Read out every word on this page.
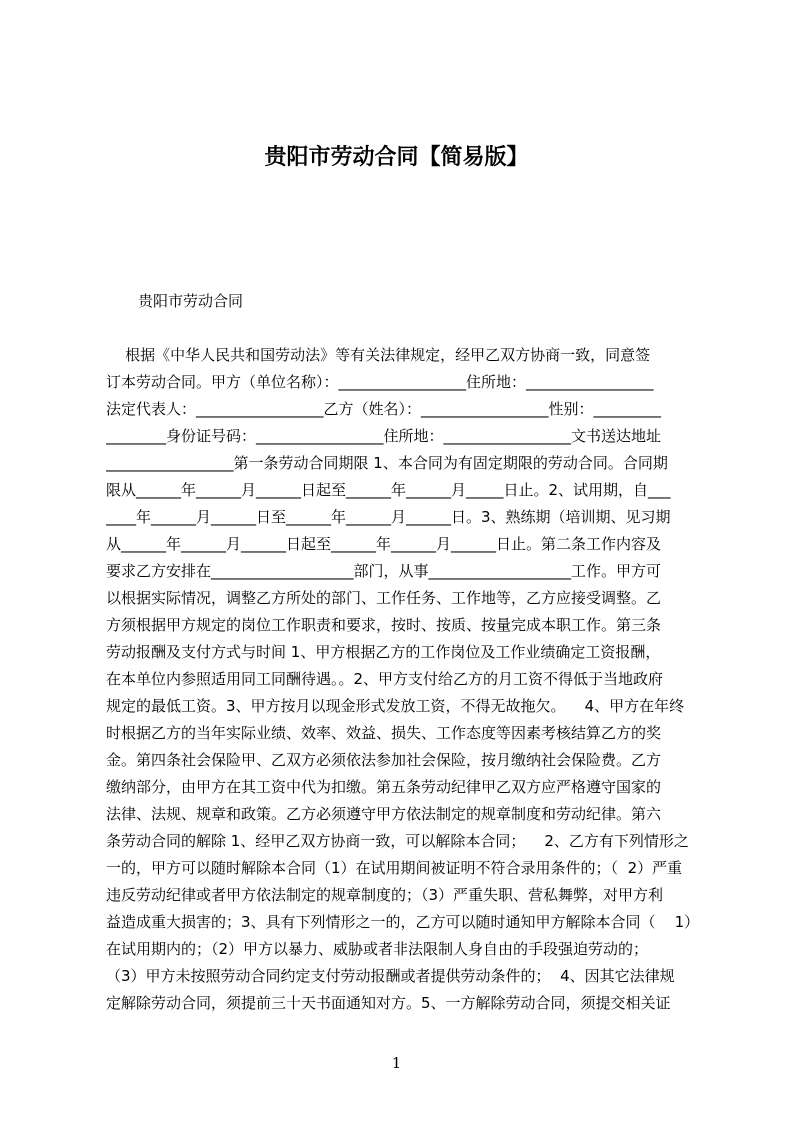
贵阳市劳动合同【简易版】

贵阳市劳动合同

根据《中华人民共和国劳动法》等有关法律规定，经甲乙双方协商一致，同意签
订本劳动合同。甲方（单位名称）：_________________住所地：_________________
法定代表人：_________________乙方（姓名）：_________________性别：_________
________身份证号码：_________________住所地：_________________文书送达地址
_________________第一条劳动合同期限 1、本合同为有固定期限的劳动合同。合同期
限从______年______月______日起至______年______月_____日止。2、试用期，自___
____年______月______日至______年______月______日。3、熟练期（培训期、见习期
从______年______月______日起至______年______月______日止。第二条工作内容及
要求乙方安排在___________________部门，从事___________________工作。甲方可
以根据实际情况，调整乙方所处的部门、工作任务、工作地等，乙方应接受调整。乙
方须根据甲方规定的岗位工作职责和要求，按时、按质、按量完成本职工作。第三条
劳动报酬及支付方式与时间 1、甲方根据乙方的工作岗位及工作业绩确定工资报酬，
在本单位内参照适用同工同酬待遇。。2、甲方支付给乙方的月工资不得低于当地政府
规定的最低工资。3、甲方按月以现金形式发放工资，不得无故拖欠。    4、甲方在年终
时根据乙方的当年实际业绩、效率、效益、损失、工作态度等因素考核结算乙方的奖
金。第四条社会保险甲、乙双方必须依法参加社会保险，按月缴纳社会保险费。乙方
缴纳部分，由甲方在其工资中代为扣缴。第五条劳动纪律甲乙双方应严格遵守国家的
法律、法规、规章和政策。乙方必须遵守甲方依法制定的规章制度和劳动纪律。第六
条劳动合同的解除 1、经甲乙双方协商一致，可以解除本合同；    2、乙方有下列情形之
一的，甲方可以随时解除本合同（1）在试用期间被证明不符合录用条件的；（  2）严重
违反劳动纪律或者甲方依法制定的规章制度的；（3）严重失职、营私舞弊，对甲方利
益造成重大损害的；3、具有下列情形之一的，乙方可以随时通知甲方解除本合同（    1）
在试用期内的；（2）甲方以暴力、威胁或者非法限制人身自由的手段强迫劳动的；
（3）甲方未按照劳动合同约定支付劳动报酬或者提供劳动条件的；  4、因其它法律规
定解除劳动合同，须提前三十天书面通知对方。5、一方解除劳动合同，须提交相关证

1
